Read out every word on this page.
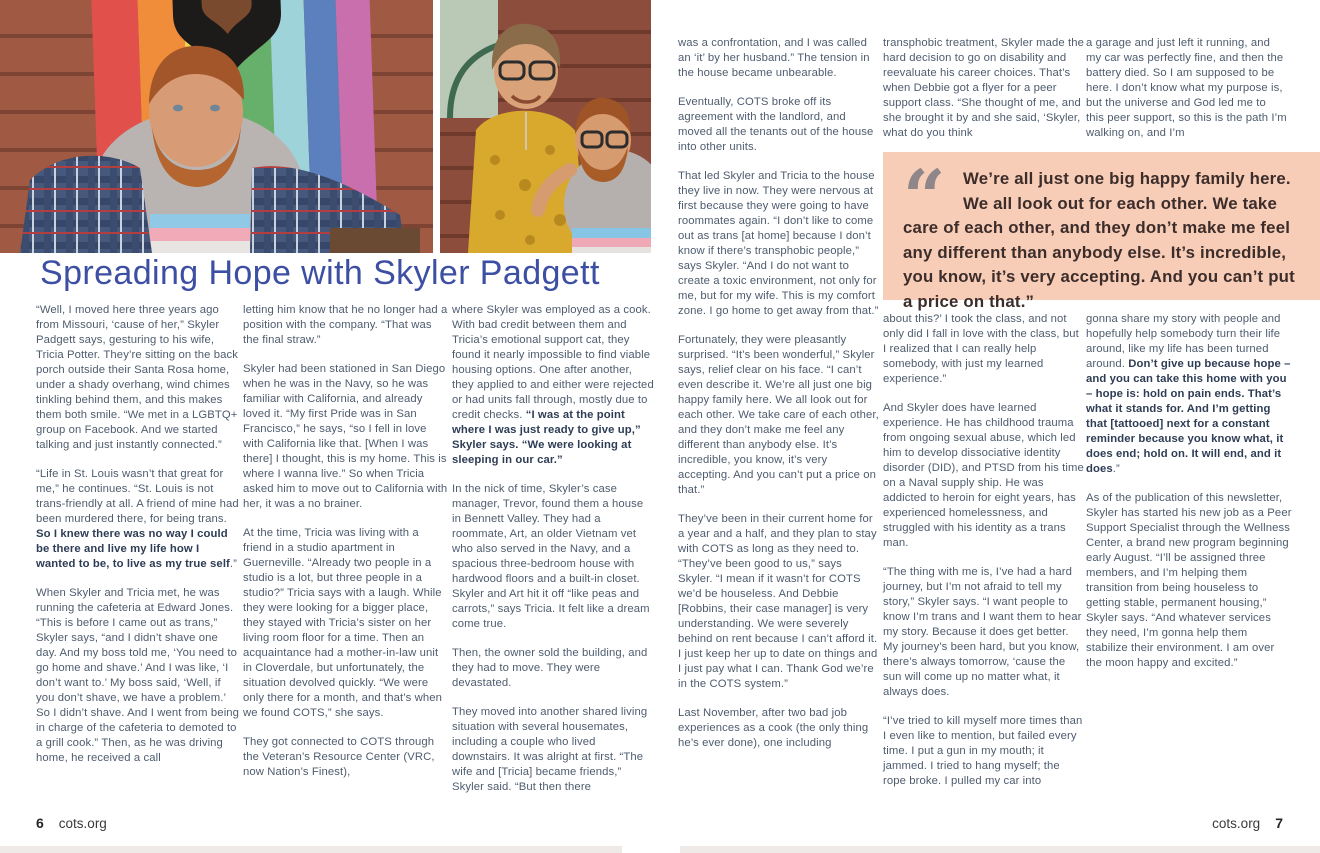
Spreading Hope with Skyler Padgett

“Well, I moved here three years ago from Missouri, ‘cause of her,” Skyler Padgett says, gesturing to his wife, Tricia Potter. They’re sitting on the back porch outside their Santa Rosa home, under a shady overhang, wind chimes tinkling behind them, and this makes them both smile. “We met in a LGBTQ+ group on Facebook. And we started talking and just instantly connected.”

“Life in St. Louis wasn’t that great for me,” he continues. “St. Louis is not trans-friendly at all. A friend of mine had been murdered there, for being trans. So I knew there was no way I could be there and live my life how I wanted to be, to live as my true self.”

When Skyler and Tricia met, he was running the cafeteria at Edward Jones. “This is before I came out as trans,” Skyler says, “and I didn’t shave one day. And my boss told me, ‘You need to go home and shave.’ And I was like, ‘I don’t want to.’ My boss said, ‘Well, if you don’t shave, we have a problem.’ So I didn’t shave. And I went from being in charge of the cafeteria to demoted to a grill cook.” Then, as he was driving home, he received a call

letting him know that he no longer had a position with the company. “That was the final straw.”

Skyler had been stationed in San Diego when he was in the Navy, so he was familiar with California, and already loved it. “My first Pride was in San Francisco,” he says, “so I fell in love with California like that. [When I was there] I thought, this is my home. This is where I wanna live.” So when Tricia asked him to move out to California with her, it was a no brainer.

At the time, Tricia was living with a friend in a studio apartment in Guerneville. “Already two people in a studio is a lot, but three people in a studio?” Tricia says with a laugh. While they were looking for a bigger place, they stayed with Tricia’s sister on her living room floor for a time. Then an acquaintance had a mother-in-law unit in Cloverdale, but unfortunately, the situation devolved quickly. “We were only there for a month, and that’s when we found COTS,” she says.

They got connected to COTS through the Veteran’s Resource Center (VRC, now Nation’s Finest),

where Skyler was employed as a cook. With bad credit between them and Tricia’s emotional support cat, they found it nearly impossible to find viable housing options. One after another, they applied to and either were rejected or had units fall through, mostly due to credit checks. “I was at the point where I was just ready to give up,” Skyler says. “We were looking at sleeping in our car.”

In the nick of time, Skyler’s case manager, Trevor, found them a house in Bennett Valley. They had a roommate, Art, an older Vietnam vet who also served in the Navy, and a spacious three-bedroom house with hardwood floors and a built-in closet. Skyler and Art hit it off “like peas and carrots,” says Tricia. It felt like a dream come true.

Then, the owner sold the building, and they had to move. They were devastated.

They moved into another shared living situation with several housemates, including a couple who lived downstairs. It was alright at first. “The wife and [Tricia] became friends,” Skyler said. “But then there

was a confrontation, and I was called an ‘it’ by her husband.” The tension in the house became unbearable.

Eventually, COTS broke off its agreement with the landlord, and moved all the tenants out of the house into other units.

That led Skyler and Tricia to the house they live in now. They were nervous at first because they were going to have roommates again. “I don’t like to come out as trans [at home] because I don’t know if there’s transphobic people,” says Skyler. “And I do not want to create a toxic environment, not only for me, but for my wife. This is my comfort zone. I go home to get away from that.”

Fortunately, they were pleasantly surprised. “It’s been wonderful,” Skyler says, relief clear on his face. “I can’t even describe it. We’re all just one big happy family here. We all look out for each other. We take care of each other, and they don’t make me feel any different than anybody else. It’s incredible, you know, it’s very accepting. And you can’t put a price on that.”

They’ve been in their current home for a year and a half, and they plan to stay with COTS as long as they need to. “They’ve been good to us,” says Skyler. “I mean if it wasn’t for COTS we’d be houseless. And Debbie [Robbins, their case manager] is very understanding. We were severely behind on rent because I can’t afford it. I just keep her up to date on things and I just pay what I can. Thank God we’re in the COTS system.”

Last November, after two bad job experiences as a cook (the only thing he’s ever done), one including

transphobic treatment, Skyler made the hard decision to go on disability and reevaluate his career choices. That’s when Debbie got a flyer for a peer support class. “She thought of me, and she brought it by and she said, ‘Skyler, what do you think

a garage and just left it running, and my car was perfectly fine, and then the battery died. So I am supposed to be here. I don’t know what my purpose is, but the universe and God led me to this peer support, so this is the path I’m walking on, and I’m

“	We’re all just one big happy family here. We all look out for each other. We take care of each other, and they don’t make me feel any different than anybody else. It’s incredible, you know, it’s very accepting. And you can’t put a price on that.”

about this?’ I took the class, and not only did I fall in love with the class, but I realized that I can really help somebody, with just my learned experience.”

And Skyler does have learned experience. He has childhood trauma from ongoing sexual abuse, which led him to develop dissociative identity disorder (DID), and PTSD from his time on a Naval supply ship. He was addicted to heroin for eight years, has experienced homelessness, and struggled with his identity as a trans man.

“The thing with me is, I’ve had a hard journey, but I’m not afraid to tell my story,” Skyler says. “I want people to know I’m trans and I want them to hear my story. Because it does get better. My journey’s been hard, but you know, there’s always tomorrow, ‘cause the sun will come up no matter what, it always does.

“I’ve tried to kill myself more times than I even like to mention, but failed every time. I put a gun in my mouth; it jammed. I tried to hang myself; the rope broke. I pulled my car into

gonna share my story with people and hopefully help somebody turn their life around, like my life has been turned around. Don’t give up because hope – and you can take this home with you – hope is: hold on pain ends. That’s what it stands for. And I’m getting that [tattooed] next for a constant reminder because you know what, it does end; hold on. It will end, and it does.”

As of the publication of this newsletter, Skyler has started his new job as a Peer Support Specialist through the Wellness Center, a brand new program beginning early August. “I’ll be assigned three members, and I’m helping them transition from being houseless to getting stable, permanent housing,” Skyler says. “And whatever services they need, I’m gonna help them stabilize their environment. I am over the moon happy and excited.”

6 cots.org	cots.org 7
